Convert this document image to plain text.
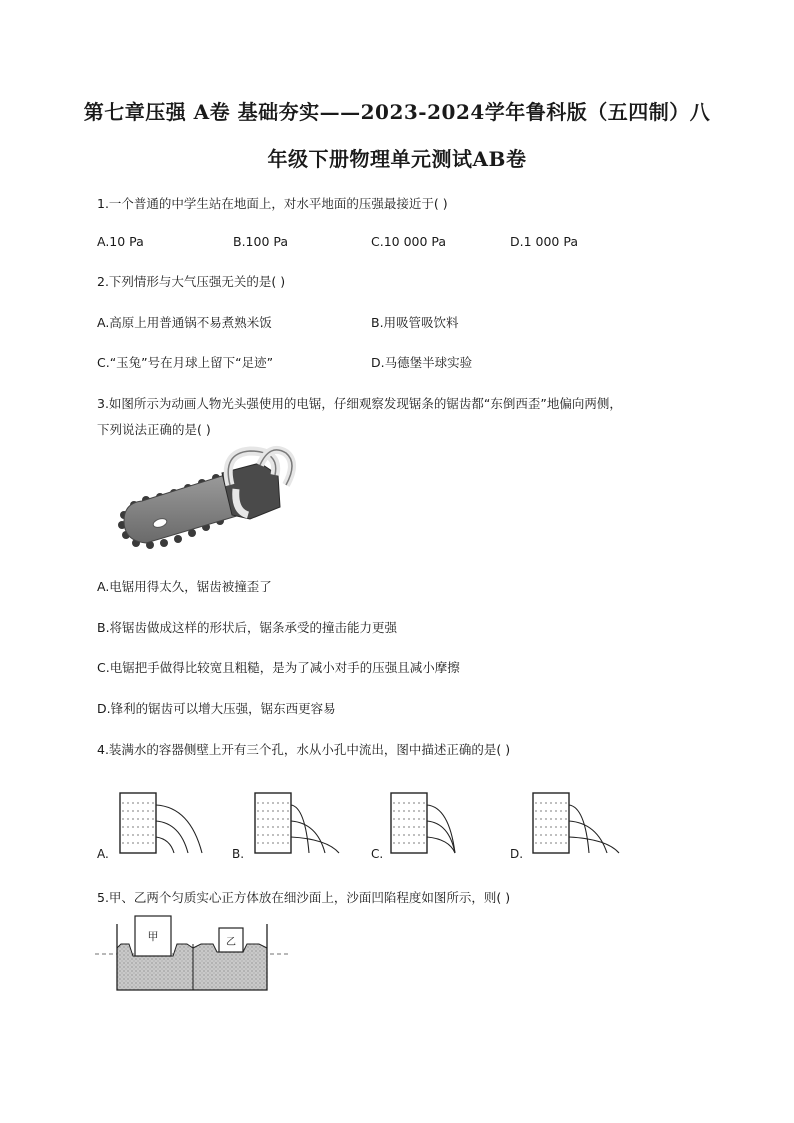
第七章压强 A卷 基础夯实——2023-2024学年鲁科版（五四制）八
年级下册物理单元测试AB卷
1.一个普通的中学生站在地面上，对水平地面的压强最接近于( )
A.10 Pa	B.100 Pa	C.10 000 Pa	D.1 000 Pa
2.下列情形与大气压强无关的是( )
A.高原上用普通锅不易煮熟米饭	B.用吸管吸饮料
C.“玉兔”号在月球上留下“足迹”	D.马德堡半球实验
3.如图所示为动画人物光头强使用的电锯，仔细观察发现锯条的锯齿都“东倒西歪”地偏向两侧，
下列说法正确的是( )
A.电锯用得太久，锯齿被撞歪了
B.将锯齿做成这样的形状后，锯条承受的撞击能力更强
C.电锯把手做得比较宽且粗糙，是为了减小对手的压强且减小摩擦
D.锋利的锯齿可以增大压强，锯东西更容易
4.装满水的容器侧壁上开有三个孔，水从小孔中流出，图中描述正确的是( )
A.	B.	C.	D.
5.甲、乙两个匀质实心正方体放在细沙面上，沙面凹陷程度如图所示，则( )
甲	乙
